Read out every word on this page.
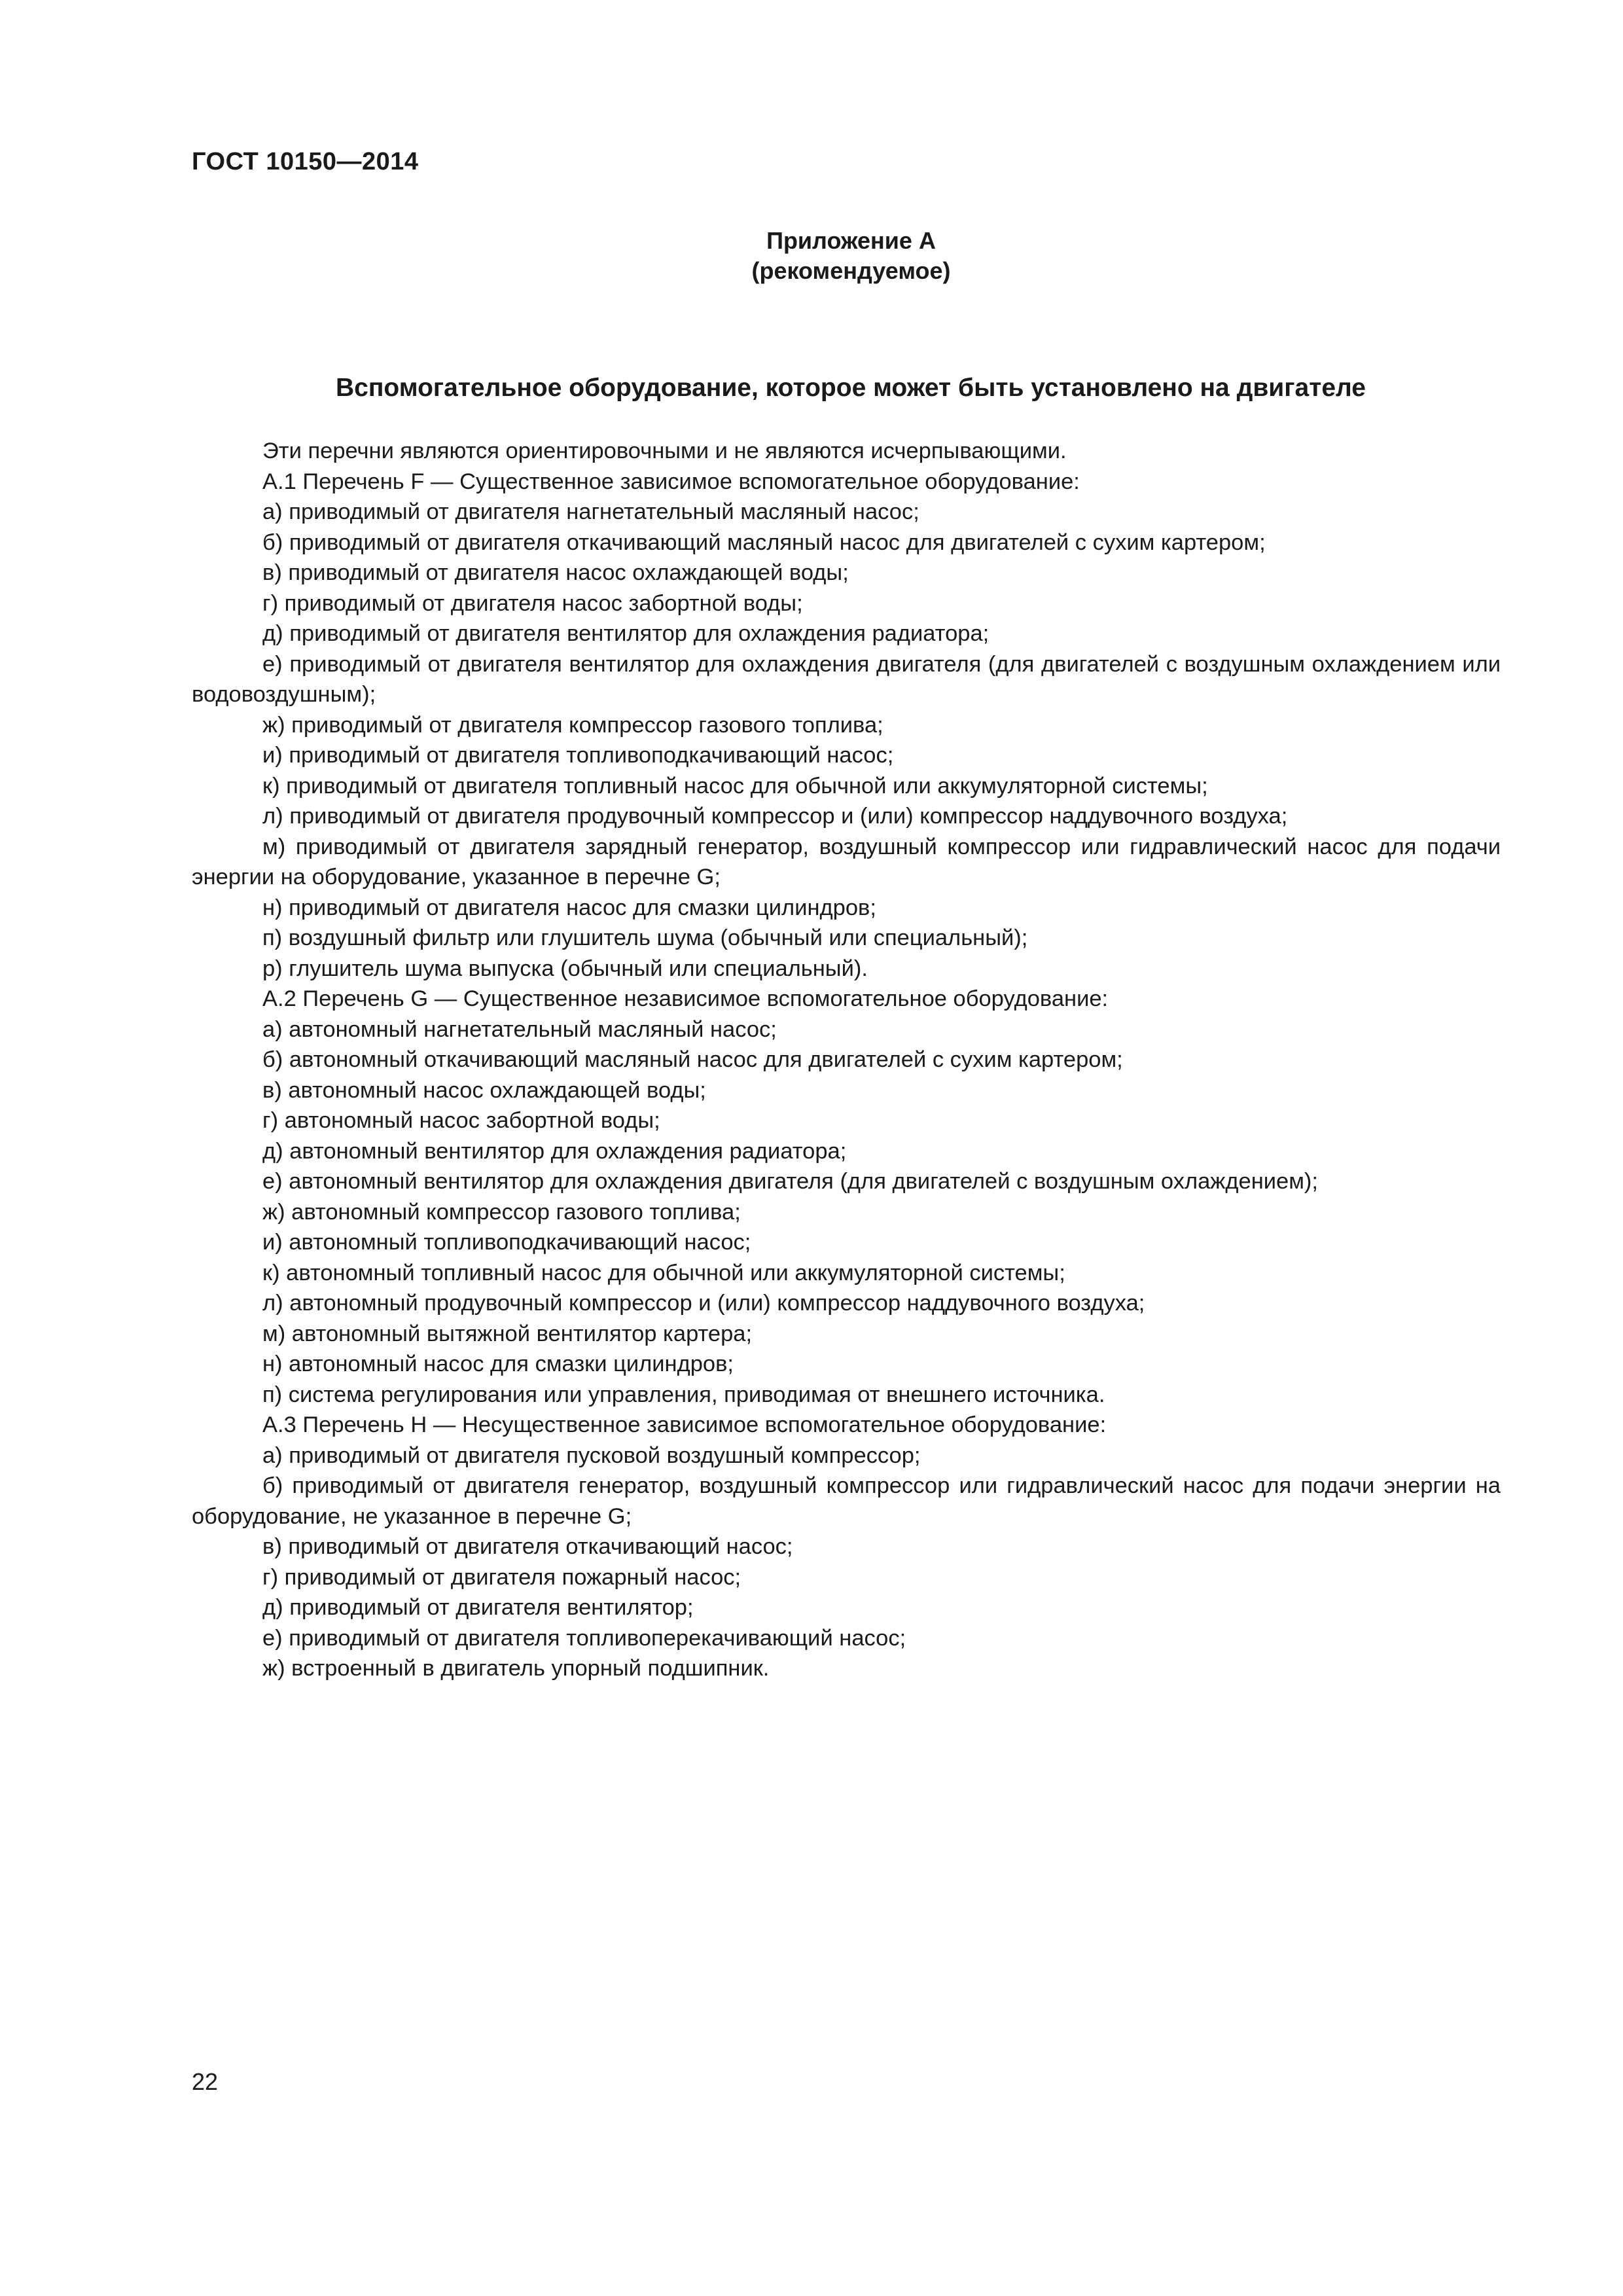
ГОСТ 10150—2014
Приложение А
(рекомендуемое)
Вспомогательное оборудование, которое может быть установлено на двигателе

Эти перечни являются ориентировочными и не являются исчерпывающими.

А.1 Перечень F — Существенное зависимое вспомогательное оборудование:

а) приводимый от двигателя нагнетательный масляный насос;

б) приводимый от двигателя откачивающий масляный насос для двигателей с сухим картером;

в) приводимый от двигателя насос охлаждающей воды;

г) приводимый от двигателя насос забортной воды;

д) приводимый от двигателя вентилятор для охлаждения радиатора;

е) приводимый от двигателя вентилятор для охлаждения двигателя (для двигателей с воздушным охлаждением или водовоздушным);

ж) приводимый от двигателя компрессор газового топлива;

и) приводимый от двигателя топливоподкачивающий насос;

к) приводимый от двигателя топливный насос для обычной или аккумуляторной системы;

л) приводимый от двигателя продувочный компрессор и (или) компрессор наддувочного воздуха;

м) приводимый от двигателя зарядный генератор, воздушный компрессор или гидравлический насос для подачи энергии на оборудование, указанное в перечне G;

н) приводимый от двигателя насос для смазки цилиндров;

п) воздушный фильтр или глушитель шума (обычный или специальный);

р) глушитель шума выпуска (обычный или специальный).

А.2 Перечень G — Существенное независимое вспомогательное оборудование:

а) автономный нагнетательный масляный насос;

б) автономный откачивающий масляный насос для двигателей с сухим картером;

в) автономный насос охлаждающей воды;

г) автономный насос забортной воды;

д) автономный вентилятор для охлаждения радиатора;

е) автономный вентилятор для охлаждения двигателя (для двигателей с воздушным охлаждением);

ж) автономный компрессор газового топлива;

и) автономный топливоподкачивающий насос;

к) автономный топливный насос для обычной или аккумуляторной системы;

л) автономный продувочный компрессор и (или) компрессор наддувочного воздуха;

м) автономный вытяжной вентилятор картера;

н) автономный насос для смазки цилиндров;

п) система регулирования или управления, приводимая от внешнего источника.

А.3 Перечень Н — Несущественное зависимое вспомогательное оборудование:

а) приводимый от двигателя пусковой воздушный компрессор;

б) приводимый от двигателя генератор, воздушный компрессор или гидравлический насос для подачи энергии на оборудование, не указанное в перечне G;

в) приводимый от двигателя откачивающий насос;

г) приводимый от двигателя пожарный насос;

д) приводимый от двигателя вентилятор;

е) приводимый от двигателя топливоперекачивающий насос;

ж) встроенный в двигатель упорный подшипник.

22
